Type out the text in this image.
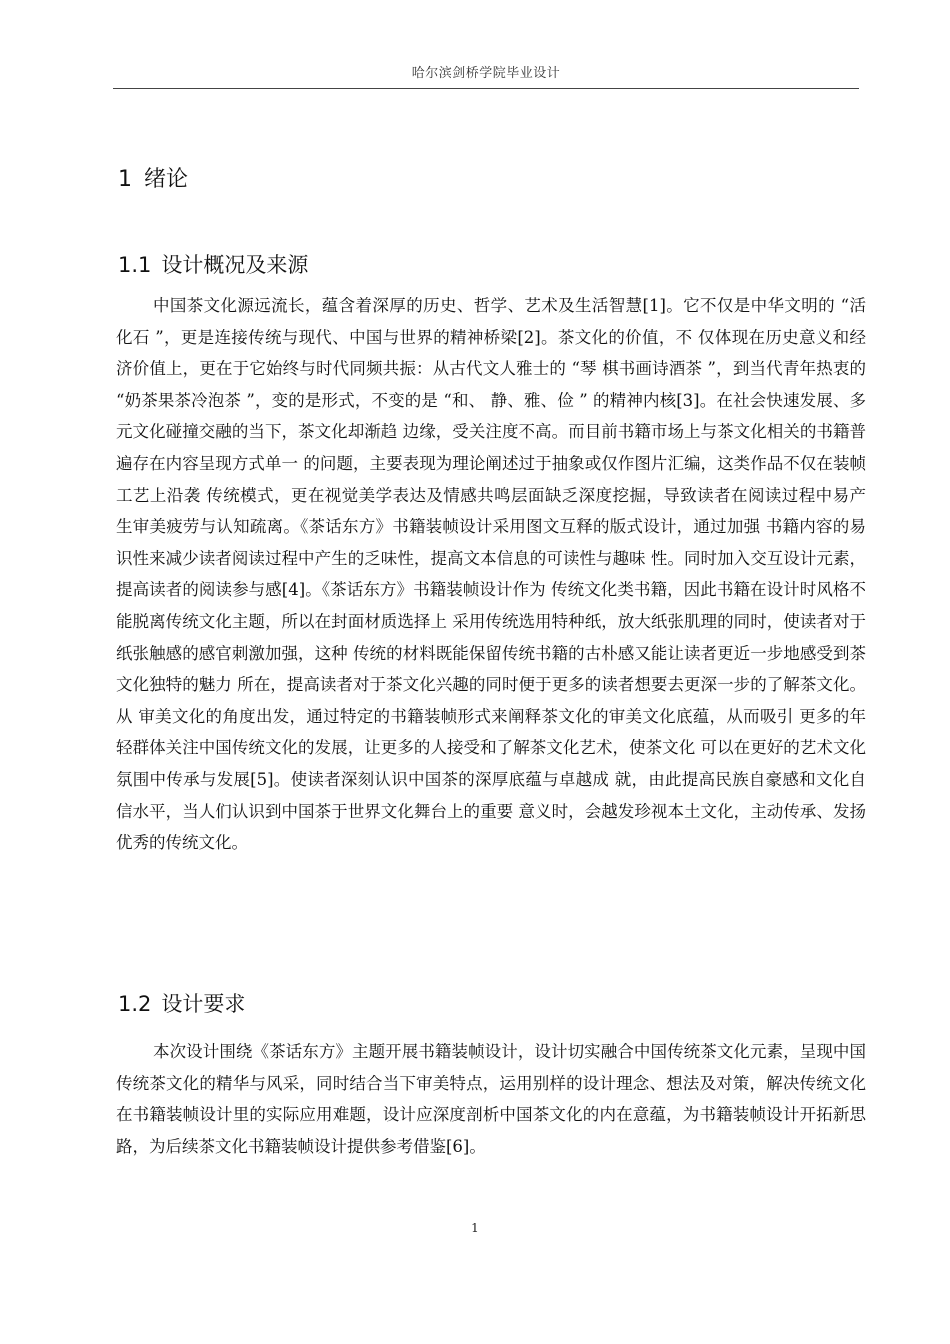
哈尔滨剑桥学院毕业设计
1 绪论
1.1 设计概况及来源

中国茶文化源远流长，蕴含着深厚的历史、哲学、艺术及生活智慧[1]。它不仅是中华文明的 “活化石 ”，更是连接传统与现代、中国与世界的精神桥梁[2]。茶文化的价值，不 仅体现在历史意义和经济价值上，更在于它始终与时代同频共振：从古代文人雅士的 “琴 棋书画诗酒茶 ”，到当代青年热衷的 “奶茶果茶冷泡茶 ”，变的是形式，不变的是 “和、 静、雅、俭 ” 的精神内核[3]。在社会快速发展、多元文化碰撞交融的当下，茶文化却渐趋 边缘，受关注度不高。而目前书籍市场上与茶文化相关的书籍普遍存在内容呈现方式单一 的问题，主要表现为理论阐述过于抽象或仅作图片汇编，这类作品不仅在装帧工艺上沿袭 传统模式，更在视觉美学表达及情感共鸣层面缺乏深度挖掘，导致读者在阅读过程中易产 生审美疲劳与认知疏离。《茶话东方》书籍装帧设计采用图文互释的版式设计，通过加强 书籍内容的易识性来减少读者阅读过程中产生的乏味性，提高文本信息的可读性与趣味 性。同时加入交互设计元素，提高读者的阅读参与感[4]。《茶话东方》书籍装帧设计作为 传统文化类书籍，因此书籍在设计时风格不能脱离传统文化主题，所以在封面材质选择上 采用传统选用特种纸，放大纸张肌理的同时，使读者对于纸张触感的感官刺激加强，这种 传统的材料既能保留传统书籍的古朴感又能让读者更近一步地感受到茶文化独特的魅力 所在，提高读者对于茶文化兴趣的同时便于更多的读者想要去更深一步的了解茶文化。从 审美文化的角度出发，通过特定的书籍装帧形式来阐释茶文化的审美文化底蕴，从而吸引 更多的年轻群体关注中国传统文化的发展，让更多的人接受和了解茶文化艺术，使茶文化 可以在更好的艺术文化氛围中传承与发展[5]。使读者深刻认识中国茶的深厚底蕴与卓越成 就，由此提高民族自豪感和文化自信水平，当人们认识到中国茶于世界文化舞台上的重要 意义时，会越发珍视本土文化，主动传承、发扬优秀的传统文化。

1.2 设计要求

本次设计围绕《茶话东方》主题开展书籍装帧设计，设计切实融合中国传统茶文化元素，呈现中国传统茶文化的精华与风采，同时结合当下审美特点，运用别样的设计理念、想法及对策，解决传统文化在书籍装帧设计里的实际应用难题，设计应深度剖析中国茶文化的内在意蕴，为书籍装帧设计开拓新思路，为后续茶文化书籍装帧设计提供参考借鉴[6]。

1
